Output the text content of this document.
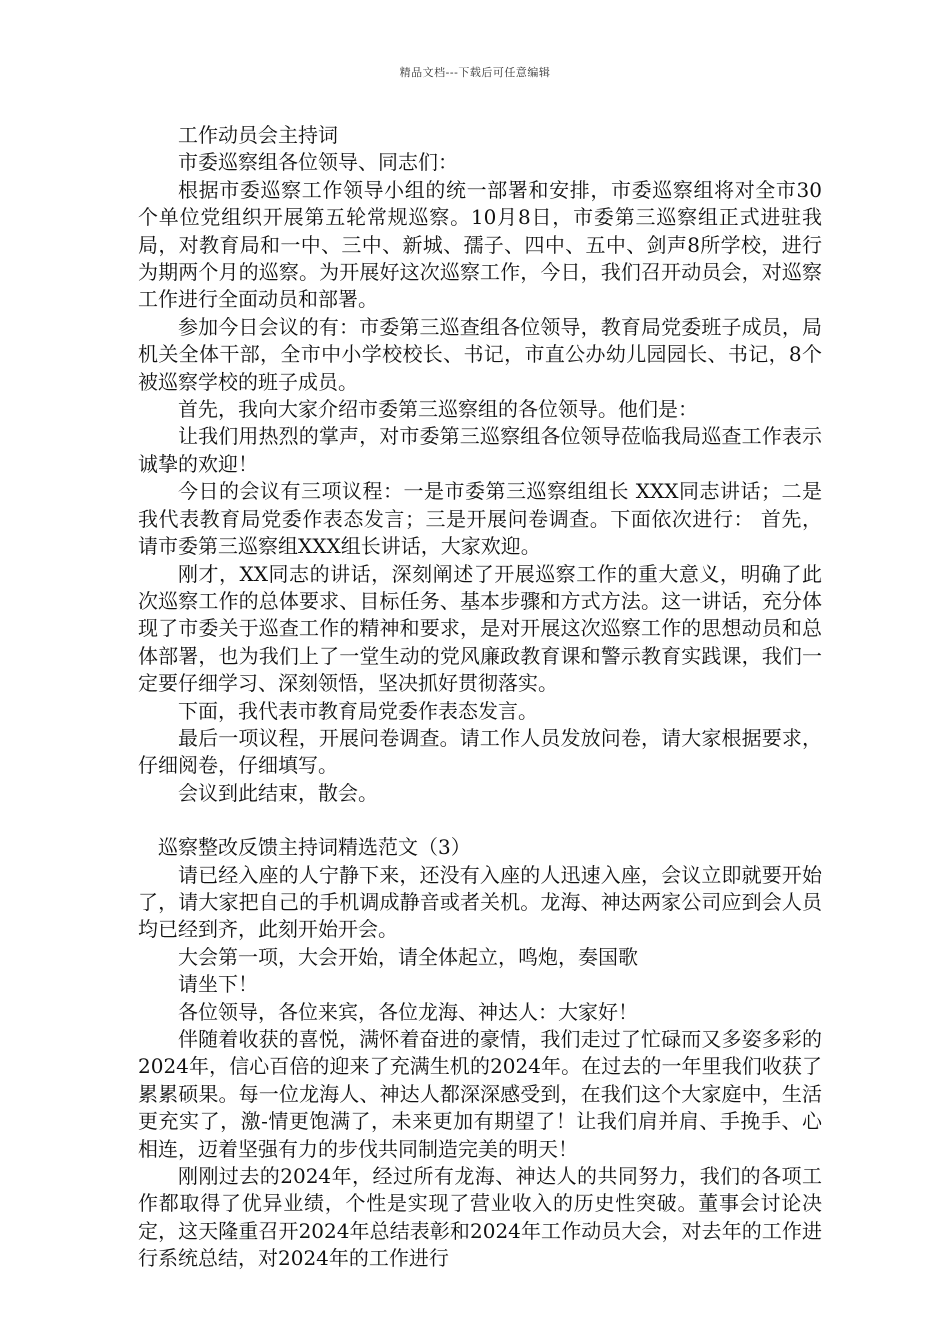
精品文档---下载后可任意编辑

工作动员会主持词

市委巡察组各位领导、同志们：

根据市委巡察工作领导小组的统一部署和安排，市委巡察组将对全市30个单位党组织开展第五轮常规巡察。10月8日，市委第三巡察组正式进驻我局，对教育局和一中、三中、新城、孺子、四中、五中、剑声8所学校，进行为期两个月的巡察。为开展好这次巡察工作，今日，我们召开动员会，对巡察工作进行全面动员和部署。

参加今日会议的有：市委第三巡查组各位领导，教育局党委班子成员，局机关全体干部，全市中小学校校长、书记，市直公办幼儿园园长、书记，8个被巡察学校的班子成员。

首先，我向大家介绍市委第三巡察组的各位领导。他们是：

让我们用热烈的掌声，对市委第三巡察组各位领导莅临我局巡查工作表示诚挚的欢迎！

今日的会议有三项议程：一是市委第三巡察组组长 XXX同志讲话；二是我代表教育局党委作表态发言；三是开展问卷调查。下面依次进行： 首先，请市委第三巡察组XXX组长讲话，大家欢迎。

刚才，XX同志的讲话，深刻阐述了开展巡察工作的重大意义，明确了此次巡察工作的总体要求、目标任务、基本步骤和方式方法。这一讲话，充分体现了市委关于巡查工作的精神和要求，是对开展这次巡察工作的思想动员和总体部署，也为我们上了一堂生动的党风廉政教育课和警示教育实践课，我们一定要仔细学习、深刻领悟，坚决抓好贯彻落实。

下面，我代表市教育局党委作表态发言。

最后一项议程，开展问卷调查。请工作人员发放问卷，请大家根据要求，仔细阅卷，仔细填写。

会议到此结束，散会。

巡察整改反馈主持词精选范文（3）

请已经入座的人宁静下来，还没有入座的人迅速入座，会议立即就要开始了，请大家把自己的手机调成静音或者关机。龙海、神达两家公司应到会人员均已经到齐，此刻开始开会。

大会第一项，大会开始，请全体起立，鸣炮，奏国歌

请坐下！

各位领导，各位来宾，各位龙海、神达人：大家好！

伴随着收获的喜悦，满怀着奋进的豪情，我们走过了忙碌而又多姿多彩的2024年，信心百倍的迎来了充满生机的2024年。在过去的一年里我们收获了累累硕果。每一位龙海人、神达人都深深感受到，在我们这个大家庭中，生活更充实了，激-情更饱满了，未来更加有期望了！让我们肩并肩、手挽手、心相连，迈着坚强有力的步伐共同制造完美的明天！

刚刚过去的2024年，经过所有龙海、神达人的共同努力，我们的各项工作都取得了优异业绩，个性是实现了营业收入的历史性突破。董事会讨论决定，这天隆重召开2024年总结表彰和2024年工作动员大会，对去年的工作进行系统总结，对2024年的工作进行
